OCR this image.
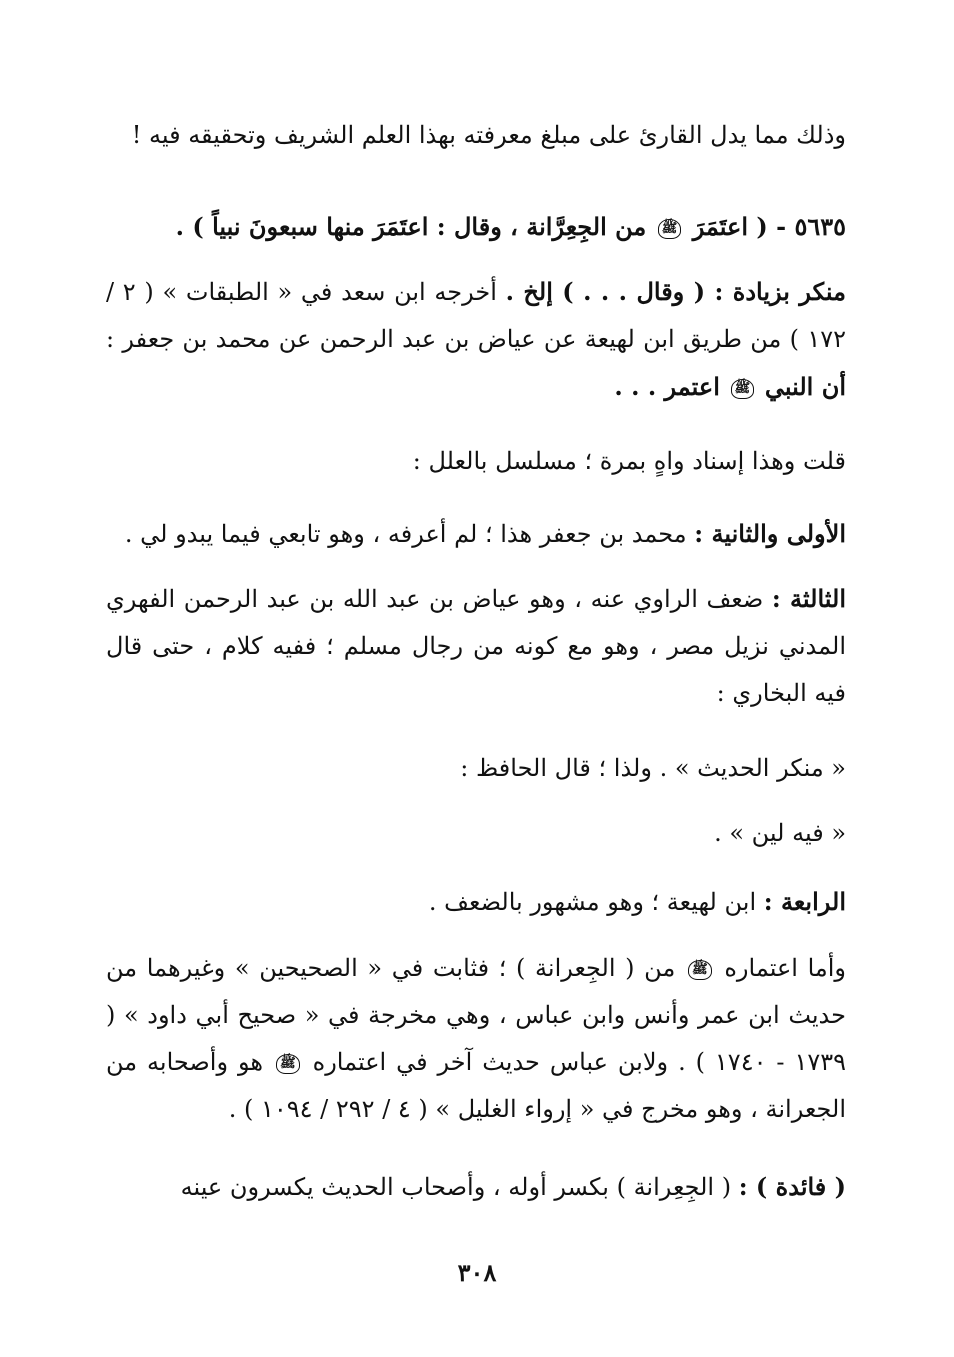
وذلك مما يدل القارئ على مبلغ معرفته بهذا العلم الشريف وتحقيقه فيه !

٥٦٣٥ - ( اعتَمَرَ ﷺ من الجِعِرَّانة ، وقال : اعتَمَرَ منها سبعونَ نبياً ) .

منكر بزيادة : ( وقال . . . ) إلخ . أخرجه ابن سعد في « الطبقات » ( ٢ / ١٧٢ ) من طريق ابن لهيعة عن عياض بن عبد الرحمن عن محمد بن جعفر : أن النبي ﷺ اعتمر . . .

قلت وهذا إسناد واهٍ بمرة ؛ مسلسل بالعلل :

الأولى والثانية : محمد بن جعفر هذا ؛ لم أعرفه ، وهو تابعي فيما يبدو لي .

الثالثة : ضعف الراوي عنه ، وهو عياض بن عبد الله بن عبد الرحمن الفهري المدني نزيل مصر ، وهو مع كونه من رجال مسلم ؛ ففيه كلام ، حتى قال فيه البخاري :

« منكر الحديث » . ولذا ؛ قال الحافظ :

« فيه لين » .

الرابعة : ابن لهيعة ؛ وهو مشهور بالضعف .

وأما اعتماره ﷺ من ( الجِعرانة ) ؛ فثابت في « الصحيحين » وغيرهما من حديث ابن عمر وأنس وابن عباس ، وهي مخرجة في « صحيح أبي داود » ( ١٧٣٩ - ١٧٤٠ ) . ولابن عباس حديث آخر في اعتماره ﷺ هو وأصحابه من الجعرانة ، وهو مخرج في « إرواء الغليل » ( ٤ / ٢٩٢ / ١٠٩٤ ) .

( فائدة ) : ( الجِعِرانة ) بكسر أوله ، وأصحاب الحديث يكسرون عينه

٣٠٨
